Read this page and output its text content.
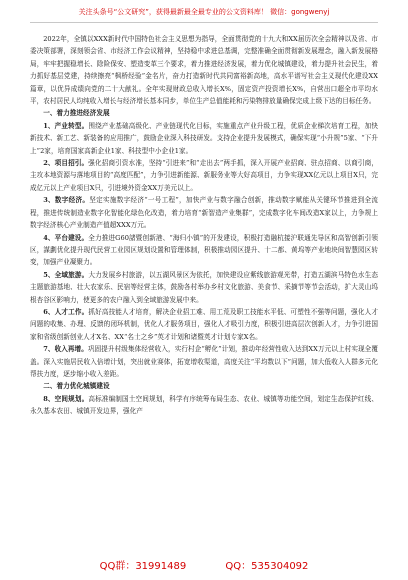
关注头条号“公文研究”，获得最新最全最专业的公文资料库！ 微信：gongwenyj

2022年，全镇以XXX新时代中国特色社会主义思想为指导，全面贯彻党的十九大和XX届历次全会精神以及省、市委决策部署，深刻领会省、市经济工作会议精神，坚持稳中求进总基调，完整准确全面贯彻新发展理念，融入新发展格局，牢牢把握稳增长、除险保安、塑造变革三个要求，着力推进经济发展，着力优化城镇建设，着力提升社会民生，着力抓好基层党建，持续擦亮“枫桥经验”金名片，奋力打造新时代共同富裕新高地，高水平谱写社会主义现代化建设XX篇章，以优异成绩向党的二十大献礼。全年实现财政总收入增长X%，固定资产投资增长X%，自营出口超全市平均水平，农村居民人均纯收入增长与经济增长基本同步，单位生产总值能耗和污染物排放量确保完成上级下达的目标任务。

一、着力推进经济发展

1、产业转型。围绕产业基础高级化、产业链现代化目标，实施重点产业升级工程，优质企业梯次培育工程，加快新技术、新工艺、新装备的应用推广，鼓励企业深入科技研发。支持企业提升发展模式，确保实现“小升规”5家、“下升上”2家，培育国家高新企业1家、科技型中小企业1家。

2、项目招引。强化招商引资水准，坚持“引进来”和“走出去”两手抓，深入开展产业招商、驻点招商、以商引商，主攻本地资源与落地项目的“高度匹配”，力争引进新能源、新服务业等大好高项目，力争实现XX亿元以上项目X只，完成亿元以上产业项目X只，引进境外资金XX万美元以上。

3、数字经济。坚定实施数字经济“一号工程”，加快产业与数字融合创新，推动数字赋能从关键环节推进到全流程，推进传统制造业数字化智能化绿色化改造，着力培育“新智造产业集群”，完成数字化车间改造X家以上，力争规上数字经济核心产业制造产值超XXX万元。

4、平台建设。全力推进G60諸暨创新港、“海归小镇”的开发建设，积极打造融杭接沪联通先导区和高智创新引领区，謀劃优化提升现代民营工业园区规划设置和管理体制，积极推动园区提升、十二都、黄坞等产业地块间智慧园区转变，加强产业凝聚力。

5、全域旅游。大力发展乡村旅游，以五湖风景区为依托，加快建设应紫线旅游观光带，打造五湖滨马特色水生态主题旅游基地、壮大农家乐、民宿等经营主体，鼓励各村举办乡村文化旅游、美食节、采摘节等节会活动，扩大灵山坞根杏谷区影响力，使更多的农户融入到全域旅游发展中来。

6、人才工作。抓好高技能人才培育，解决企业招工难、用工荒及职工技能水平低、可塑性不强等问题，强化人才问题的收集、办理、反馈的闭环机制，优化人才服务项目，强化人才吸引力度，积极引进高层次创新人才，力争引进国家和省级创新创业人才X名、XX“名士之乡”英才计划和诸暨英才计划专家X名。

7、收入再增。巩固提升村级集体经营收入，实行村企“孵化”计划，推动年经营性收入达到XX万元以上村实现全覆盖。深入实施居民收入倍增计划，突出就业赛体，拓宽增收渠道，高度关注“平均数以下”问题，加大低收入人群多元化帮扶力度，逐步缩小收入差距。

二、着力优化城镇建设

8、空间规划。高标准编制国土空间规划，科学有序统筹布局生态、农业、城镇等功能空间，划定生态保护红线、永久基本农田、城镇开发边界，强化产

QQ群：31991489	QQ：535304092
